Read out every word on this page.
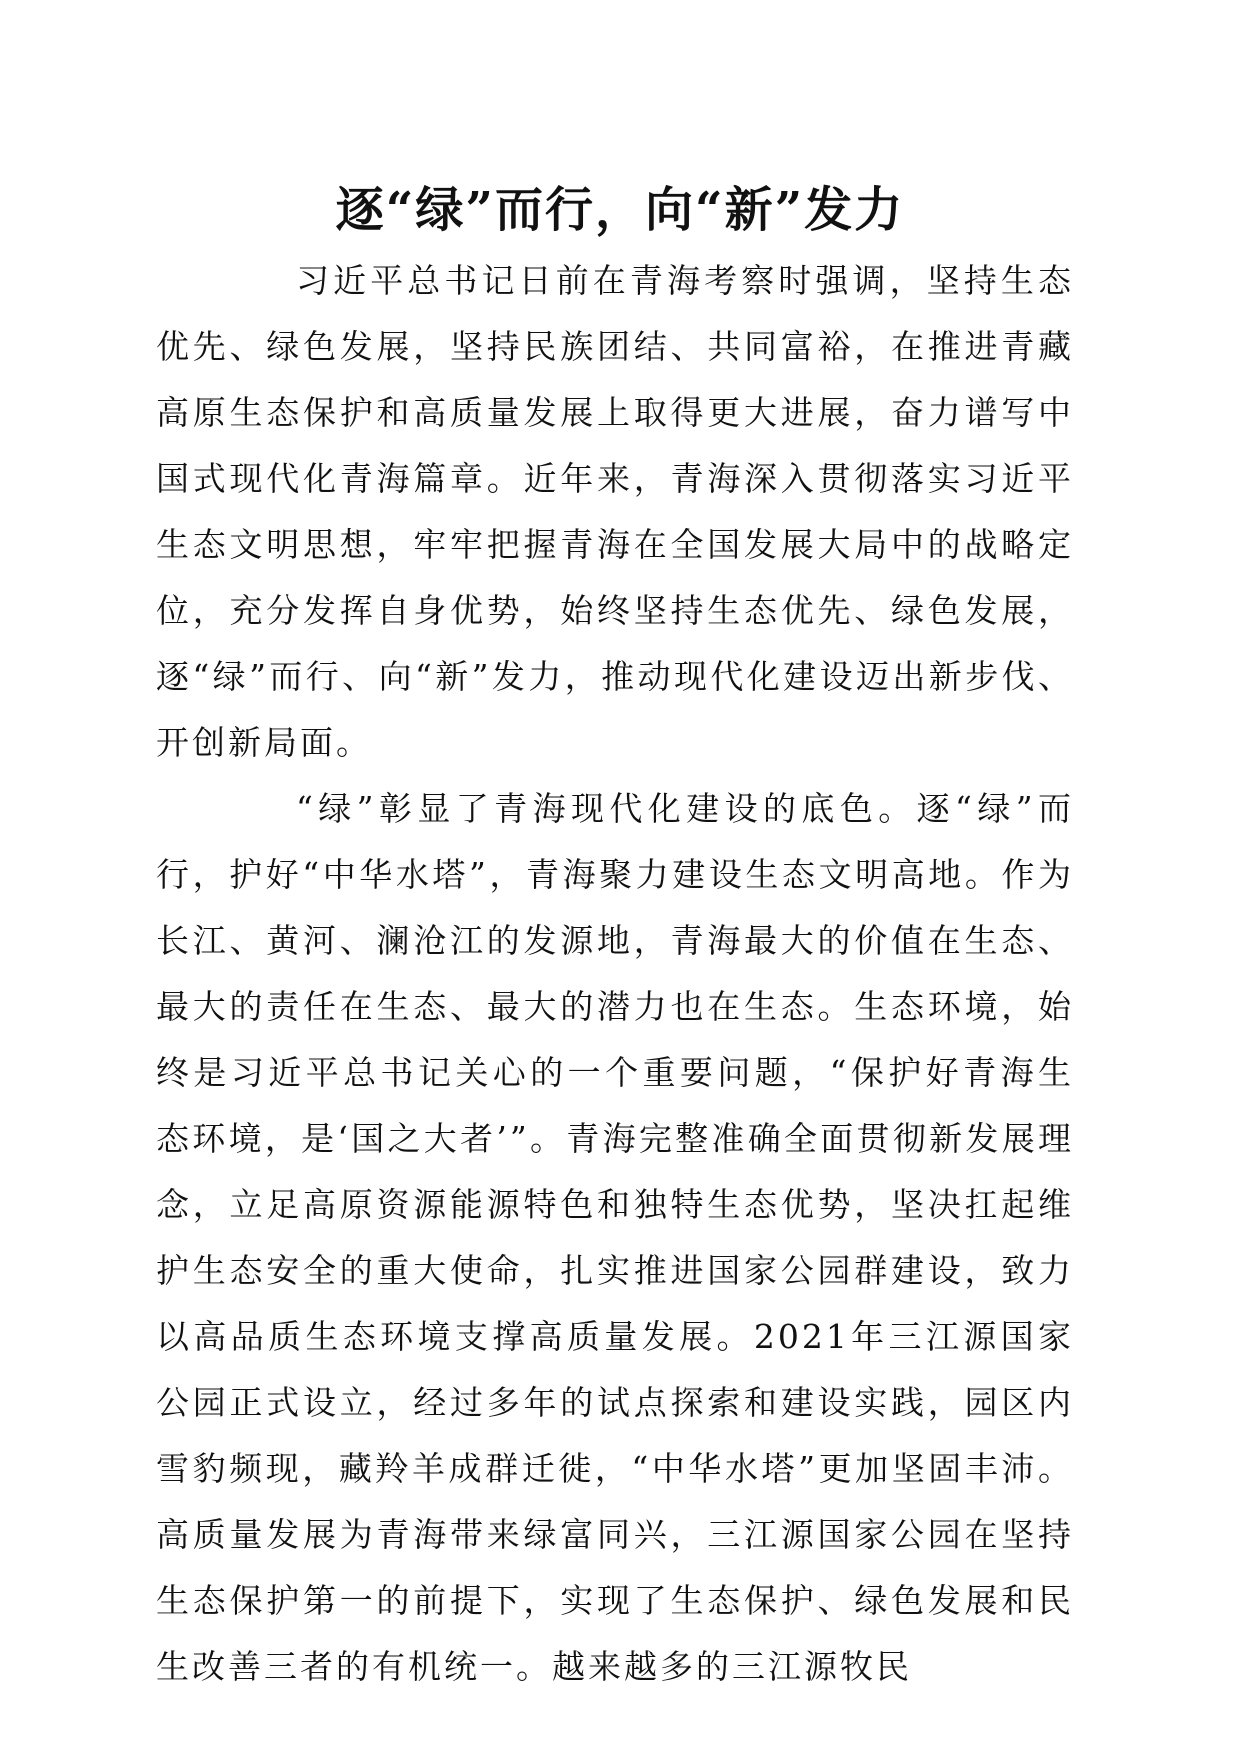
逐“绿”而行，向“新”发力

习近平总书记日前在青海考察时强调，坚持生态优先、绿色发展，坚持民族团结、共同富裕，在推进青藏高原生态保护和高质量发展上取得更大进展，奋力谱写中国式现代化青海篇章。近年来，青海深入贯彻落实习近平生态文明思想，牢牢把握青海在全国发展大局中的战略定位，充分发挥自身优势，始终坚持生态优先、绿色发展，逐“绿”而行、向“新”发力，推动现代化建设迈出新步伐、开创新局面。

“绿”彰显了青海现代化建设的底色。逐“绿”而行，护好“中华水塔”，青海聚力建设生态文明高地。作为长江、黄河、澜沧江的发源地，青海最大的价值在生态、最大的责任在生态、最大的潜力也在生态。生态环境，始终是习近平总书记关心的一个重要问题，“保护好青海生态环境，是‘国之大者’”。青海完整准确全面贯彻新发展理念，立足高原资源能源特色和独特生态优势，坚决扛起维护生态安全的重大使命，扎实推进国家公园群建设，致力以高品质生态环境支撑高质量发展。2021年三江源国家公园正式设立，经过多年的试点探索和建设实践，园区内雪豹频现，藏羚羊成群迁徙，“中华水塔”更加坚固丰沛。高质量发展为青海带来绿富同兴，三江源国家公园在坚持生态保护第一的前提下，实现了生态保护、绿色发展和民生改善三者的有机统一。越来越多的三江源牧民
